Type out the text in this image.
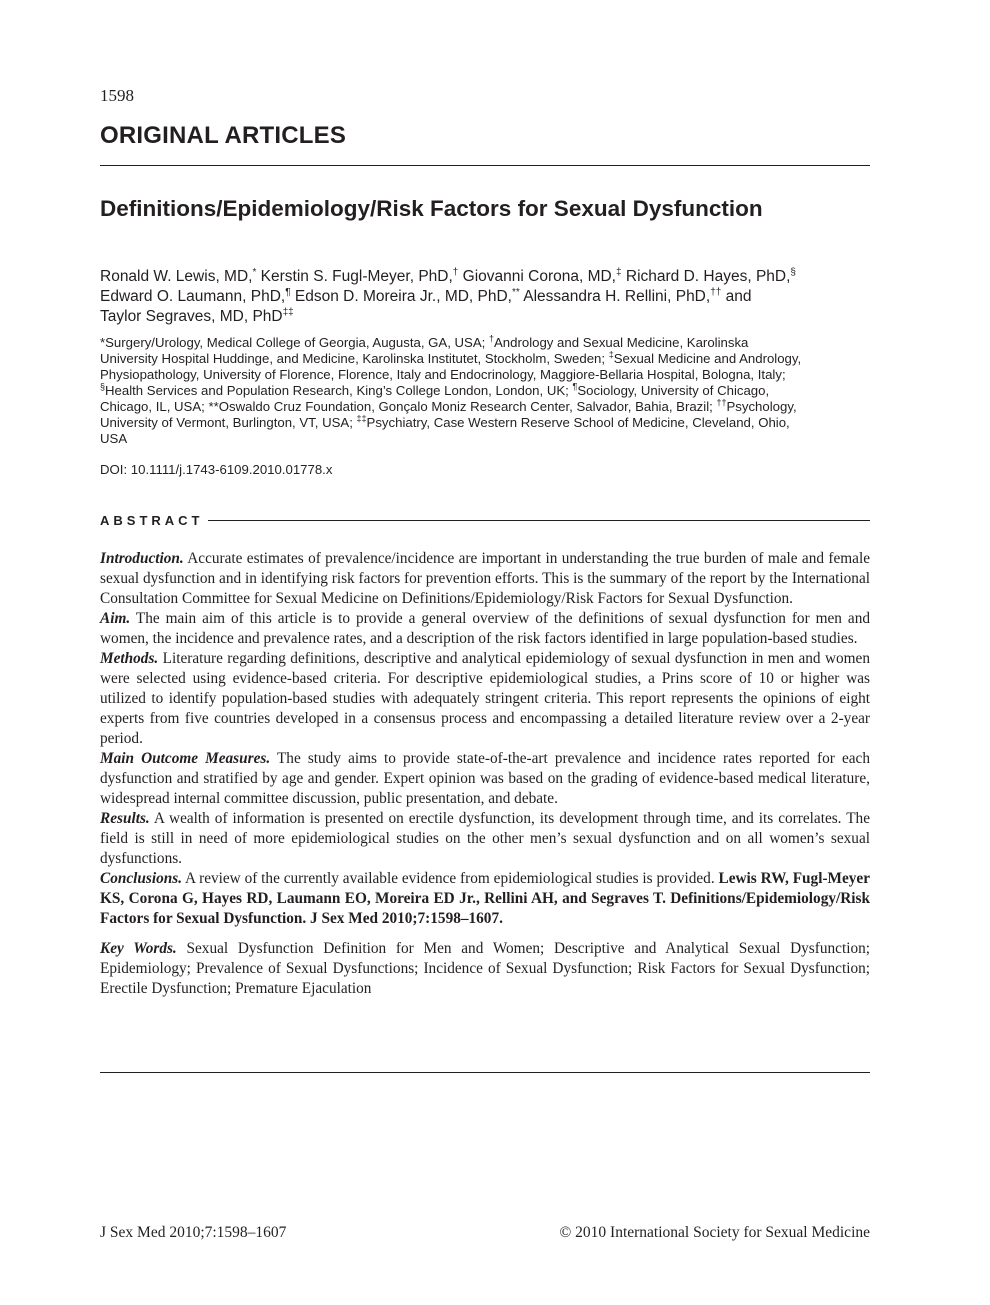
1598
ORIGINAL ARTICLES
Definitions/Epidemiology/Risk Factors for Sexual Dysfunction
Ronald W. Lewis, MD,* Kerstin S. Fugl-Meyer, PhD,† Giovanni Corona, MD,‡ Richard D. Hayes, PhD,§
Edward O. Laumann, PhD,¶ Edson D. Moreira Jr., MD, PhD,** Alessandra H. Rellini, PhD,†† and
Taylor Segraves, MD, PhD‡‡
*Surgery/Urology, Medical College of Georgia, Augusta, GA, USA; †Andrology and Sexual Medicine, Karolinska
University Hospital Huddinge, and Medicine, Karolinska Institutet, Stockholm, Sweden; ‡Sexual Medicine and Andrology,
Physiopathology, University of Florence, Florence, Italy and Endocrinology, Maggiore-Bellaria Hospital, Bologna, Italy;
§Health Services and Population Research, King’s College London, London, UK; ¶Sociology, University of Chicago,
Chicago, IL, USA; **Oswaldo Cruz Foundation, Gonçalo Moniz Research Center, Salvador, Bahia, Brazil; ††Psychology,
University of Vermont, Burlington, VT, USA; ‡‡Psychiatry, Case Western Reserve School of Medicine, Cleveland, Ohio,
USA
DOI: 10.1111/j.1743-6109.2010.01778.x
ABSTRACT

Introduction. Accurate estimates of prevalence/incidence are important in understanding the true burden of male and female sexual dysfunction and in identifying risk factors for prevention efforts. This is the summary of the report by the International Consultation Committee for Sexual Medicine on Definitions/Epidemiology/Risk Factors for Sexual Dysfunction.

Aim. The main aim of this article is to provide a general overview of the definitions of sexual dysfunction for men and women, the incidence and prevalence rates, and a description of the risk factors identified in large population-based studies.

Methods. Literature regarding definitions, descriptive and analytical epidemiology of sexual dysfunction in men and women were selected using evidence-based criteria. For descriptive epidemiological studies, a Prins score of 10 or higher was utilized to identify population-based studies with adequately stringent criteria. This report represents the opinions of eight experts from five countries developed in a consensus process and encompassing a detailed literature review over a 2-year period.

Main Outcome Measures. The study aims to provide state-of-the-art prevalence and incidence rates reported for each dysfunction and stratified by age and gender. Expert opinion was based on the grading of evidence-based medical literature, widespread internal committee discussion, public presentation, and debate.

Results. A wealth of information is presented on erectile dysfunction, its development through time, and its correlates. The field is still in need of more epidemiological studies on the other men’s sexual dysfunction and on all women’s sexual dysfunctions.

Conclusions. A review of the currently available evidence from epidemiological studies is provided. Lewis RW, Fugl-Meyer KS, Corona G, Hayes RD, Laumann EO, Moreira ED Jr., Rellini AH, and Segraves T. Definitions/Epidemiology/Risk Factors for Sexual Dysfunction. J Sex Med 2010;7:1598–1607.

Key Words. Sexual Dysfunction Definition for Men and Women; Descriptive and Analytical Sexual Dysfunction; Epidemiology; Prevalence of Sexual Dysfunctions; Incidence of Sexual Dysfunction; Risk Factors for Sexual Dysfunction; Erectile Dysfunction; Premature Ejaculation

J Sex Med 2010;7:1598–1607	© 2010 International Society for Sexual Medicine
